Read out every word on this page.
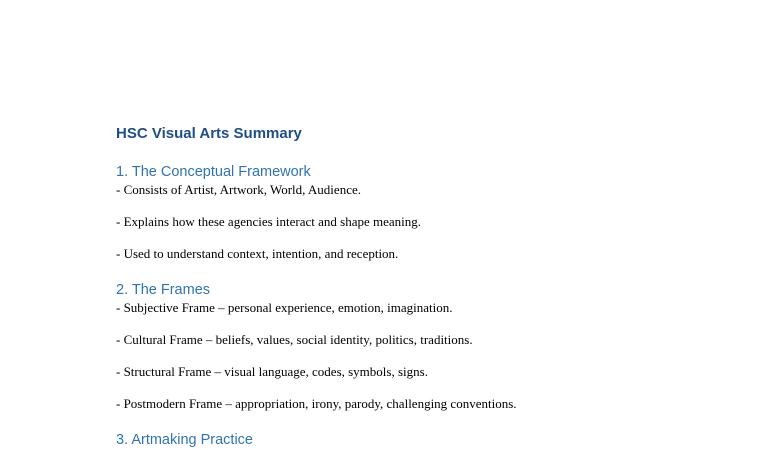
HSC Visual Arts Summary
1. The Conceptual Framework
- Consists of Artist, Artwork, World, Audience.
- Explains how these agencies interact and shape meaning.
- Used to understand context, intention, and reception.
2. The Frames
- Subjective Frame – personal experience, emotion, imagination.
- Cultural Frame – beliefs, values, social identity, politics, traditions.
- Structural Frame – visual language, codes, symbols, signs.
- Postmodern Frame – appropriation, irony, parody, challenging conventions.
3. Artmaking Practice
